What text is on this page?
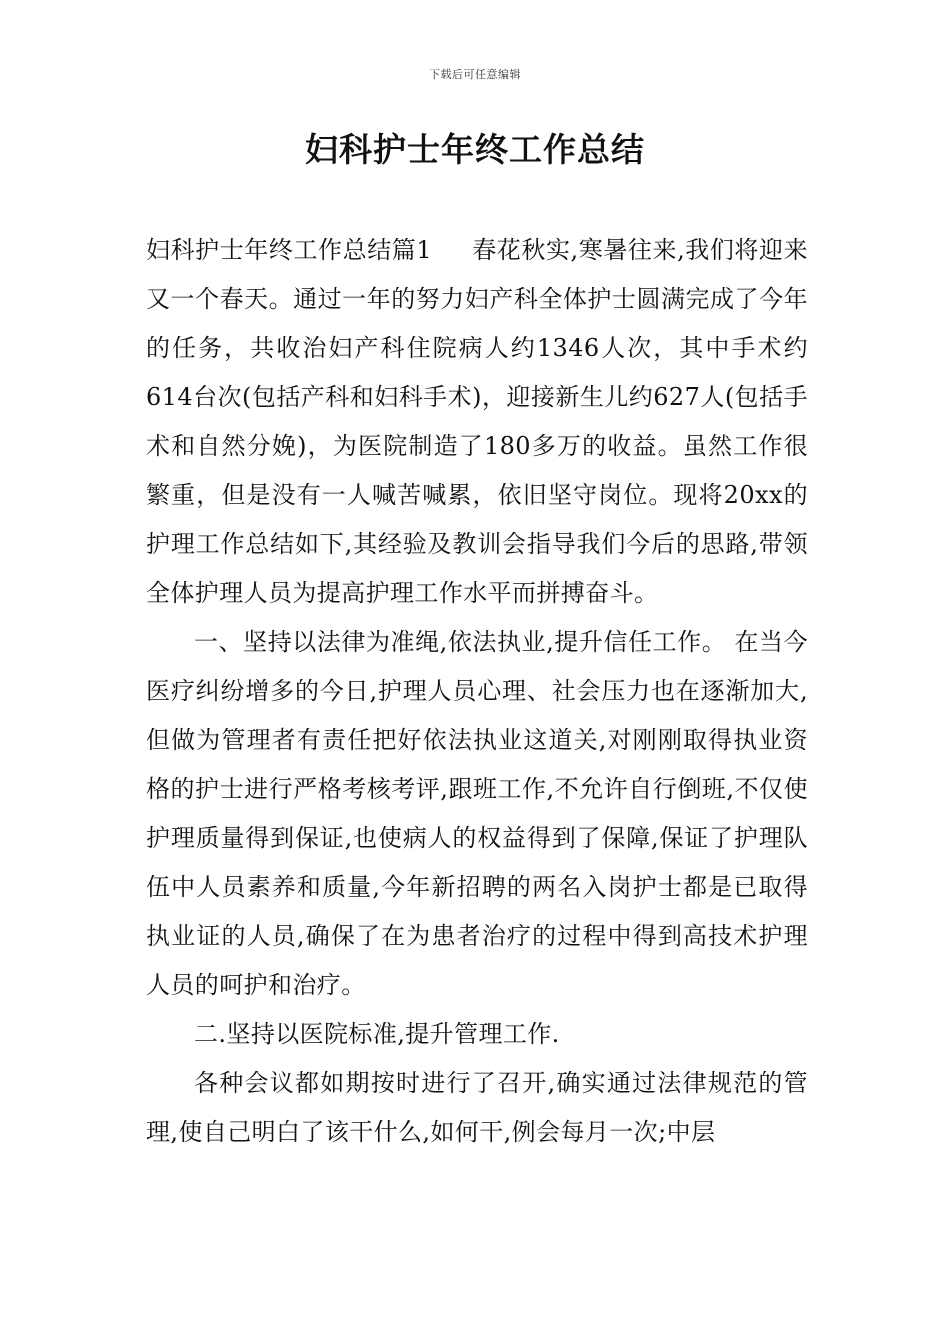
下载后可任意编辑
妇科护士年终工作总结

妇科护士年终工作总结篇1 春花秋实,寒暑往来,我们将迎来又一个春天。通过一年的努力妇产科全体护士圆满完成了今年的任务，共收治妇产科住院病人约1346人次，其中手术约614台次(包括产科和妇科手术)，迎接新生儿约627人(包括手术和自然分娩)，为医院制造了180多万的收益。虽然工作很繁重，但是没有一人喊苦喊累，依旧坚守岗位。现将20xx的护理工作总结如下,其经验及教训会指导我们今后的思路,带领全体护理人员为提高护理工作水平而拼搏奋斗。

一、坚持以法律为准绳,依法执业,提升信任工作。 在当今医疗纠纷增多的今日,护理人员心理、社会压力也在逐渐加大,但做为管理者有责任把好依法执业这道关,对刚刚取得执业资格的护士进行严格考核考评,跟班工作,不允许自行倒班,不仅使护理质量得到保证,也使病人的权益得到了保障,保证了护理队伍中人员素养和质量,今年新招聘的两名入岗护士都是已取得执业证的人员,确保了在为患者治疗的过程中得到高技术护理人员的呵护和治疗。

二.坚持以医院标准,提升管理工作.

各种会议都如期按时进行了召开,确实通过法律规范的管理,使自己明白了该干什么,如何干,例会每月一次;中层
